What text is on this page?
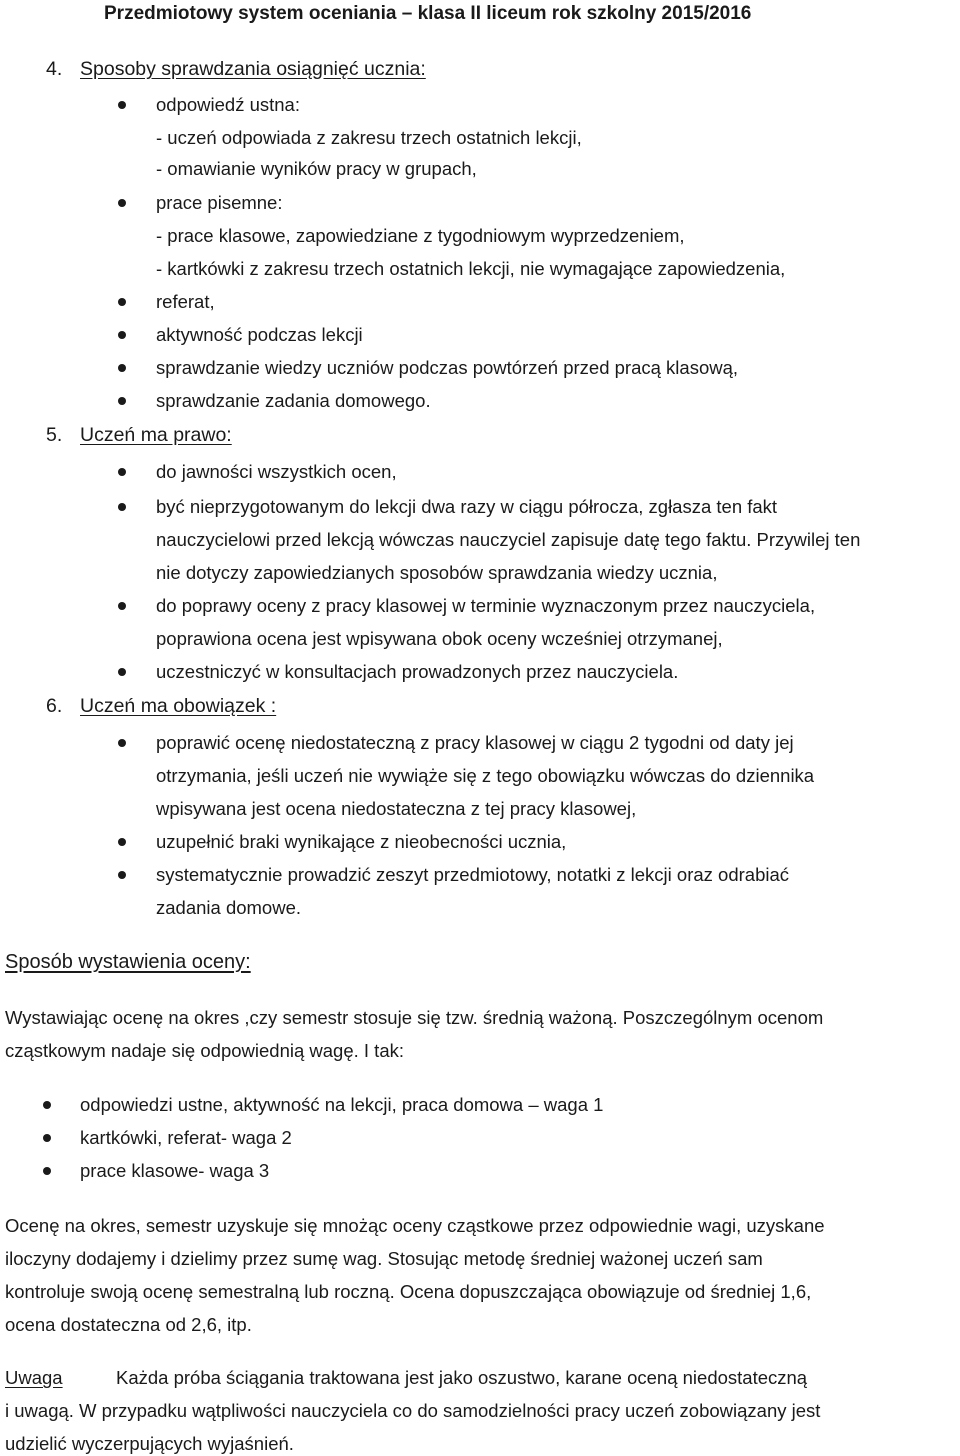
Przedmiotowy system oceniania – klasa II liceum rok szkolny 2015/2016
4. Sposoby sprawdzania osiągnięć ucznia:
odpowiedź ustna:
- uczeń odpowiada z zakresu trzech ostatnich lekcji,
- omawianie wyników pracy w grupach,
prace pisemne:
- prace klasowe, zapowiedziane z tygodniowym wyprzedzeniem,
- kartkówki z zakresu trzech ostatnich lekcji, nie wymagające zapowiedzenia,
referat,
aktywność podczas lekcji
sprawdzanie wiedzy uczniów podczas powtórzeń przed pracą klasową,
sprawdzanie zadania domowego.
5. Uczeń ma prawo:
do jawności wszystkich ocen,
być nieprzygotowanym do lekcji dwa razy w ciągu półrocza, zgłasza ten fakt
nauczycielowi przed lekcją wówczas nauczyciel zapisuje datę tego faktu. Przywilej ten
nie dotyczy zapowiedzianych sposobów sprawdzania wiedzy ucznia,
do poprawy oceny z pracy klasowej w terminie wyznaczonym przez nauczyciela,
poprawiona ocena jest wpisywana obok oceny wcześniej otrzymanej,
uczestniczyć w konsultacjach prowadzonych przez nauczyciela.
6. Uczeń ma obowiązek :
poprawić ocenę niedostateczną z pracy klasowej w ciągu 2 tygodni od daty jej
otrzymania, jeśli uczeń nie wywiąże się z tego obowiązku wówczas do dziennika
wpisywana jest ocena niedostateczna z tej pracy klasowej,
uzupełnić braki wynikające z nieobecności ucznia,
systematycznie prowadzić zeszyt przedmiotowy, notatki z lekcji oraz odrabiać
zadania domowe.
Sposób wystawienia oceny:
Wystawiając ocenę na okres ,czy semestr stosuje się tzw. średnią ważoną. Poszczególnym ocenom
cząstkowym nadaje się odpowiednią wagę. I tak:
odpowiedzi ustne, aktywność na lekcji, praca domowa – waga 1
kartkówki, referat- waga 2
prace klasowe- waga 3
Ocenę na okres, semestr uzyskuje się mnożąc oceny cząstkowe przez odpowiednie wagi, uzyskane
iloczyny dodajemy i dzielimy przez sumę wag. Stosując metodę średniej ważonej uczeń sam
kontroluje swoją ocenę semestralną lub roczną. Ocena dopuszczająca obowiązuje od średniej 1,6,
ocena dostateczna od 2,6, itp.
Uwaga	Każda próba ściągania traktowana jest jako oszustwo, karane oceną niedostateczną
i uwagą. W przypadku wątpliwości nauczyciela co do samodzielności pracy uczeń zobowiązany jest
udzielić wyczerpujących wyjaśnień.
